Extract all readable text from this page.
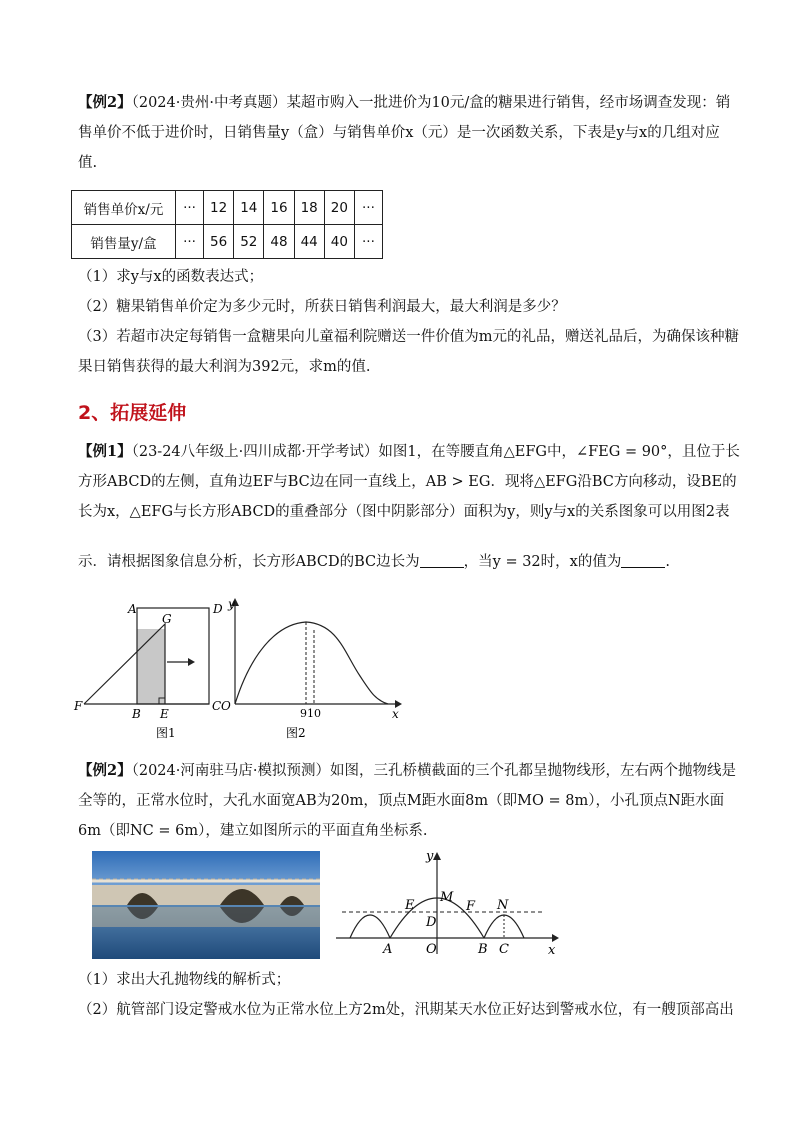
【例2】（2024·贵州·中考真题）某超市购入一批进价为10元/盒的糖果进行销售，经市场调查发现：销
售单价不低于进价时，日销售量y（盒）与销售单价x（元）是一次函数关系，下表是y与x的几组对应
值.
销售单价x/元	···	12	14	16	18	20	···
销售量y/盒	···	56	52	48	44	40	···
（1）求y与x的函数表达式；
（2）糖果销售单价定为多少元时，所获日销售利润最大，最大利润是多少？
（3）若超市决定每销售一盒糖果向儿童福利院赠送一件价值为m元的礼品，赠送礼品后，为确保该种糖
果日销售获得的最大利润为392元，求m的值.
2、拓展延伸
【例1】（23-24八年级上·四川成都·开学考试）如图1，在等腰直角△EFG中，∠FEG = 90°，且位于长
方形ABCD的左侧，直角边EF与BC边在同一直线上，AB > EG．现将△EFG沿BC方向移动，设BE的
长为x，△EFG与长方形ABCD的重叠部分（图中阴影部分）面积为y，则y与x的关系图象可以用图2表
示．请根据图象信息分析，长方形ABCD的BC边长为	，当y = 32时，x的值为	.
A	D
G
F
B E
C
图1
O
y
x
910
图2
【例2】（2024·河南驻马店·模拟预测）如图，三孔桥横截面的三个孔都呈抛物线形，左右两个抛物线是
全等的，正常水位时，大孔水面宽AB为20m，顶点M距水面8m（即MO = 8m），小孔顶点N距水面
6m（即NC = 6m），建立如图所示的平面直角坐标系.
y
x
E
M
F N
D
A	O	B C
（1）求出大孔抛物线的解析式；
（2）航管部门设定警戒水位为正常水位上方2m处，汛期某天水位正好达到警戒水位，有一艘顶部高出
